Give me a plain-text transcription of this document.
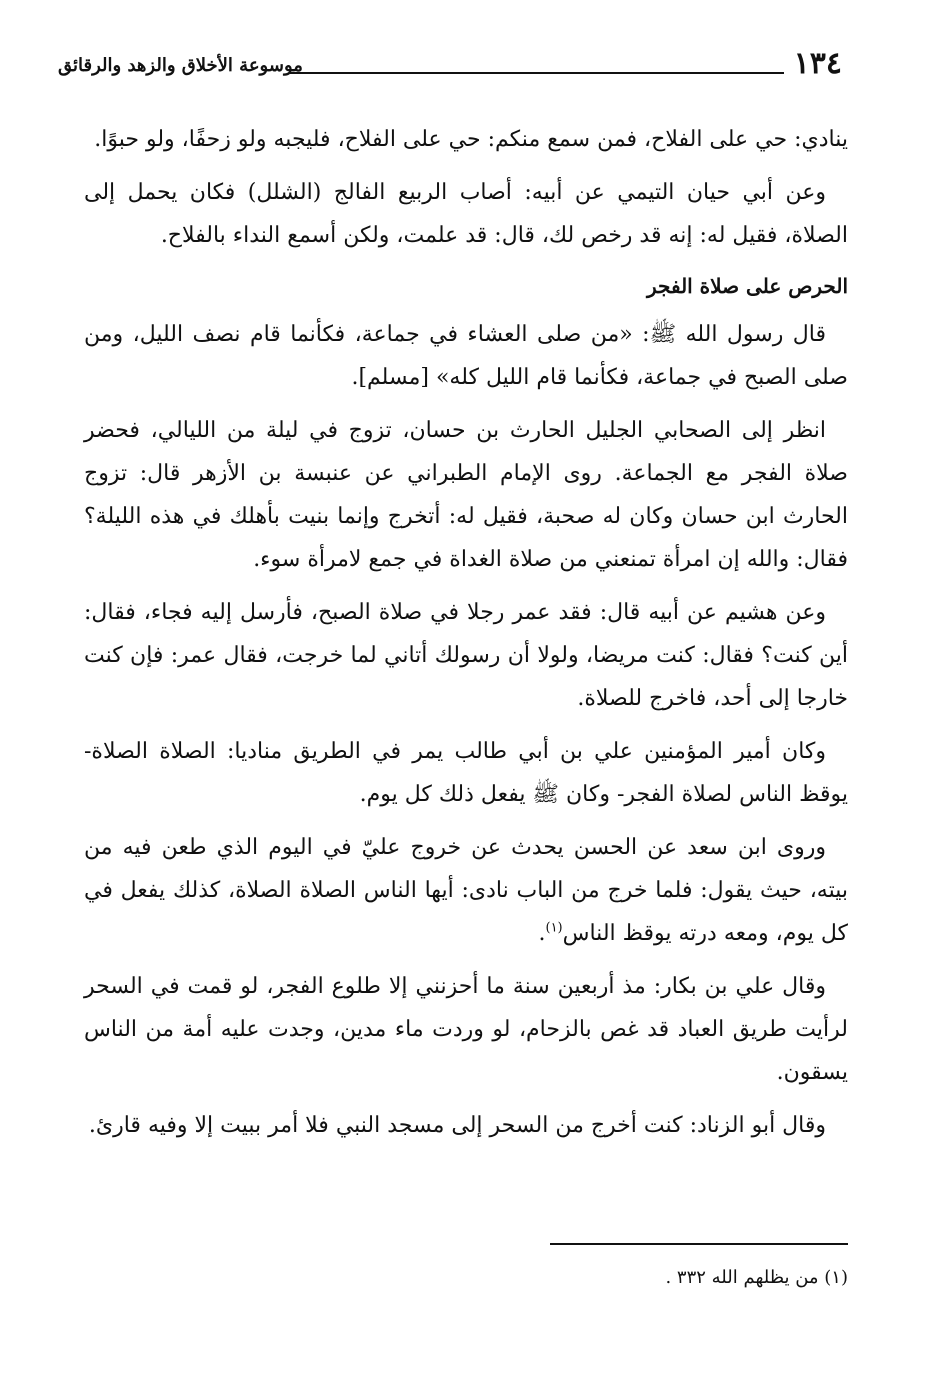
١٣٤
موسوعة الأخلاق والزهد والرقائق

ينادي: حي على الفلاح، فمن سمع منكم: حي على الفلاح، فليجبه ولو زحفًا، ولو حبوًا.

وعن أبي حيان التيمي عن أبيه: أصاب الربيع الفالج (الشلل) فكان يحمل إلى الصلاة، فقيل له: إنه قد رخص لك، قال: قد علمت، ولكن أسمع النداء بالفلاح.

الحرص على صلاة الفجر

قال رسول الله ﷺ: «من صلى العشاء في جماعة، فكأنما قام نصف الليل، ومن صلى الصبح في جماعة، فكأنما قام الليل كله» [مسلم].

انظر إلى الصحابي الجليل الحارث بن حسان، تزوج في ليلة من الليالي، فحضر صلاة الفجر مع الجماعة. روى الإمام الطبراني عن عنبسة بن الأزهر قال: تزوج الحارث ابن حسان وكان له صحبة، فقيل له: أتخرج وإنما بنيت بأهلك في هذه الليلة؟ فقال: والله إن امرأة تمنعني من صلاة الغداة في جمع لامرأة سوء.

وعن هشيم عن أبيه قال: فقد عمر رجلا في صلاة الصبح، فأرسل إليه فجاء، فقال: أين كنت؟ فقال: كنت مريضا، ولولا أن رسولك أتاني لما خرجت، فقال عمر: فإن كنت خارجا إلى أحد، فاخرج للصلاة.

وكان أمير المؤمنين علي بن أبي طالب يمر في الطريق مناديا: الصلاة الصلاة- يوقظ الناس لصلاة الفجر- وكان ﷺ يفعل ذلك كل يوم.

وروى ابن سعد عن الحسن يحدث عن خروج عليّ في اليوم الذي طعن فيه من بيته، حيث يقول: فلما خرج من الباب نادى: أيها الناس الصلاة الصلاة، كذلك يفعل في كل يوم، ومعه درته يوقظ الناس$^{(١)}$.

وقال علي بن بكار: مذ أربعين سنة ما أحزنني إلا طلوع الفجر، لو قمت في السحر لرأيت طريق العباد قد غص بالزحام، لو وردت ماء مدين، وجدت عليه أمة من الناس يسقون.

وقال أبو الزناد: كنت أخرج من السحر إلى مسجد النبي فلا أمر ببيت إلا وفيه قارئ.

(١) من يظلهم الله ٣٣٢ .
